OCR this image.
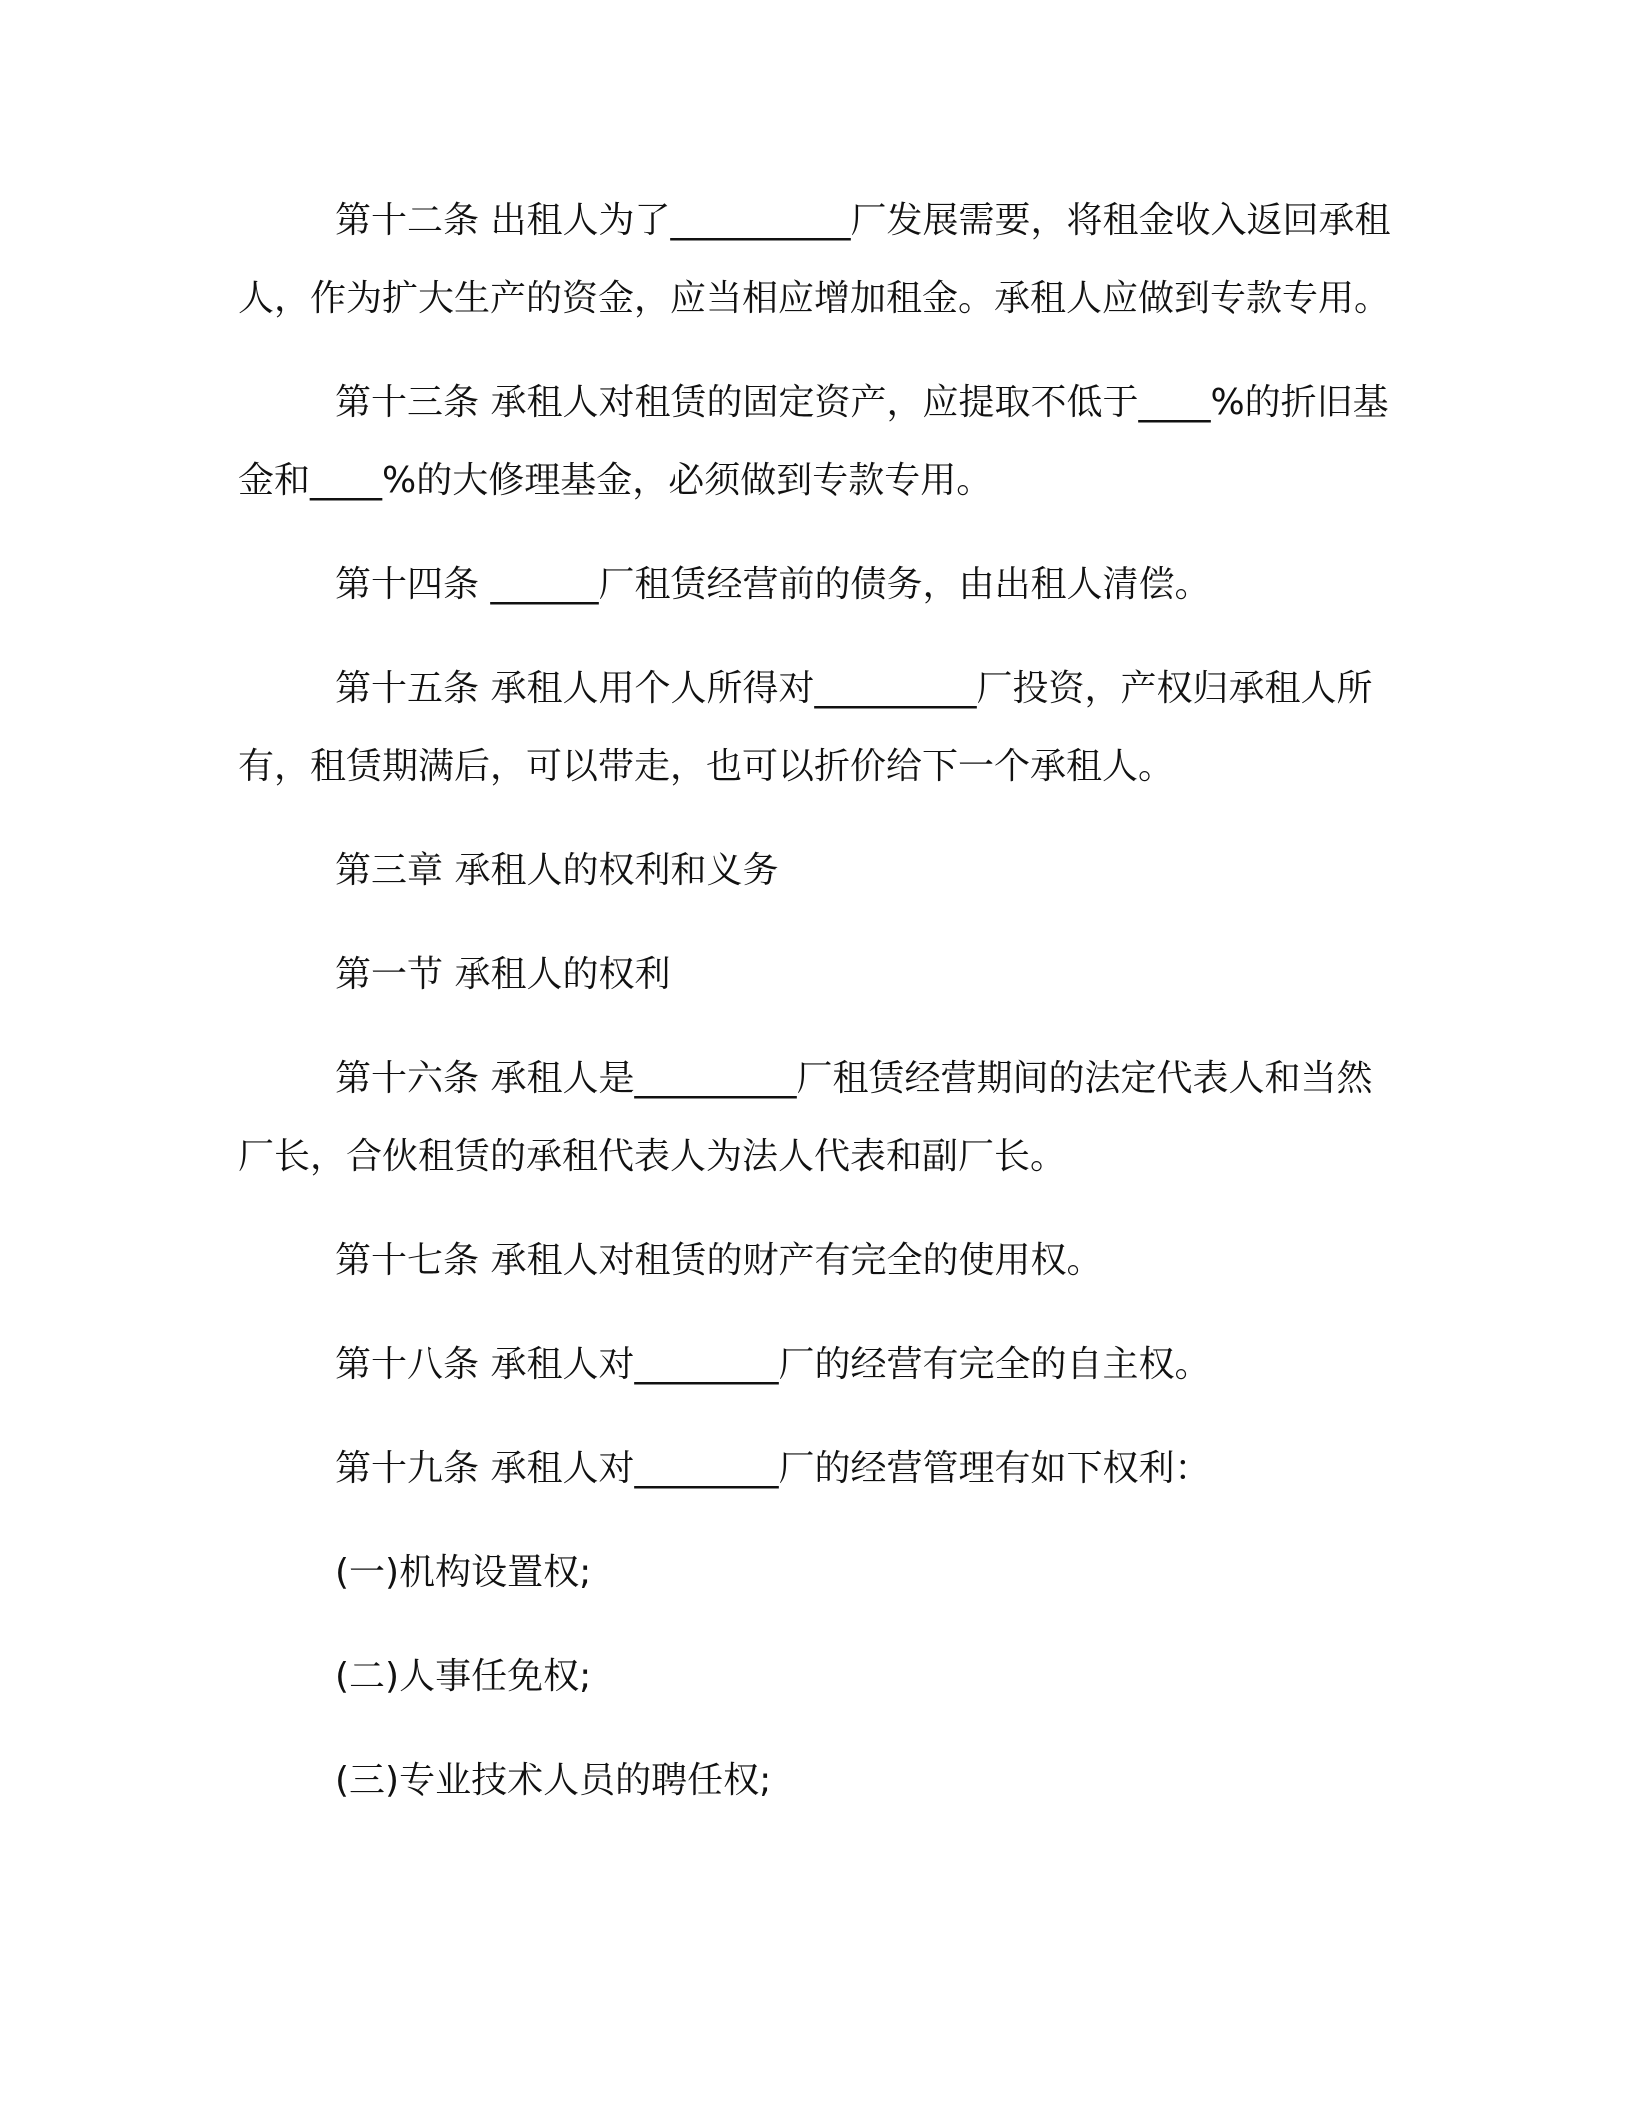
第十二条 出租人为了__________厂发展需要，将租金收入返回承租人，作为扩大生产的资金，应当相应增加租金。承租人应做到专款专用。

第十三条 承租人对租赁的固定资产，应提取不低于____%的折旧基金和____%的大修理基金，必须做到专款专用。

第十四条 ______厂租赁经营前的债务，由出租人清偿。

第十五条 承租人用个人所得对_________厂投资，产权归承租人所有，租赁期满后，可以带走，也可以折价给下一个承租人。

第三章 承租人的权利和义务

第一节 承租人的权利

第十六条 承租人是_________厂租赁经营期间的法定代表人和当然厂长，合伙租赁的承租代表人为法人代表和副厂长。

第十七条 承租人对租赁的财产有完全的使用权。

第十八条 承租人对________厂的经营有完全的自主权。

第十九条 承租人对________厂的经营管理有如下权利：

(一)机构设置权;

(二)人事任免权;

(三)专业技术人员的聘任权;
